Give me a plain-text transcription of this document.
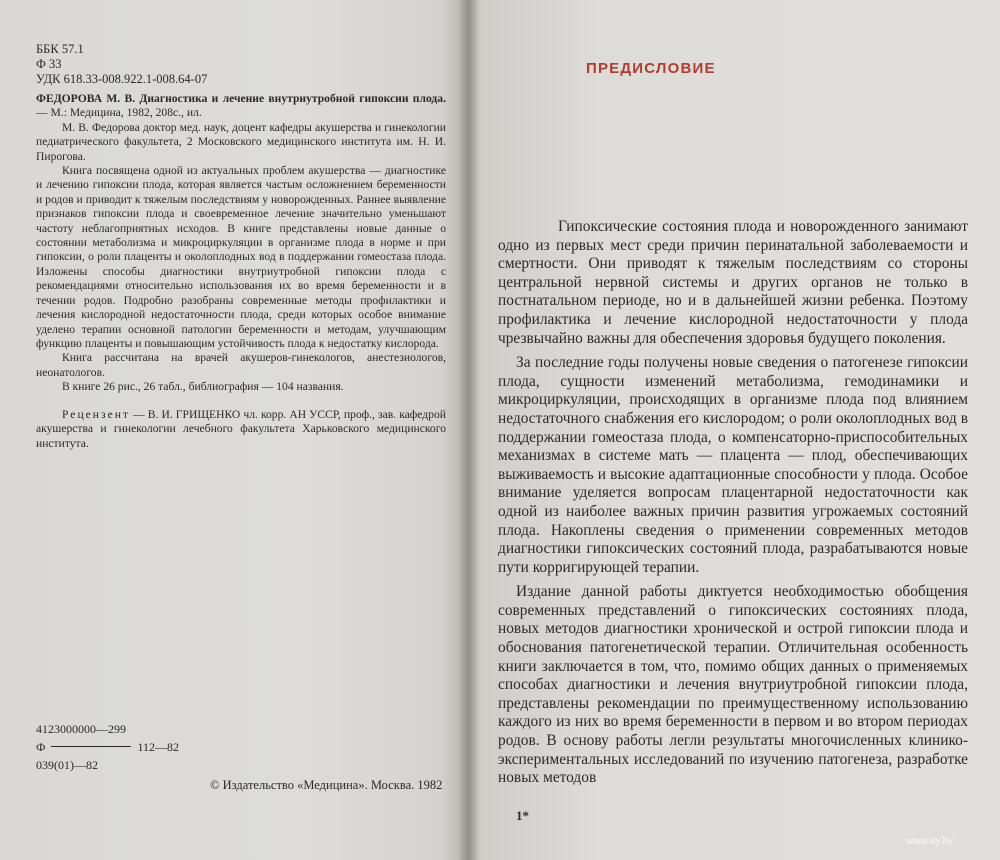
ББК 57.1
Ф 33
УДК 618.33-008.922.1-008.64-07

ФЕДОРОВА М. В. Диагностика и лечение внутриутробной гипоксии плода. — М.: Медицина, 1982, 208с., ил.

М. В. Федорова доктор мед. наук, доцент кафедры акушерства и гинекологии педиатрического факультета, 2 Московского медицинского института им. Н. И. Пирогова.

Книга посвящена одной из актуальных проблем акушерства — диагностике и лечению гипоксии плода, которая является частым осложнением беременности и родов и приводит к тяжелым последствиям у новорожденных. Раннее выявление признаков гипоксии плода и своевременное лечение значительно уменьшают частоту неблагоприятных исходов. В книге представлены новые данные о состоянии метаболизма и микроциркуляции в организме плода в норме и при гипоксии, о роли плаценты и околоплодных вод в поддержании гомеостаза плода. Изложены способы диагностики внутриутробной гипоксии плода с рекомендациями относительно использования их во время беременности и в течении родов. Подробно разобраны современные методы профилактики и лечения кислородной недостаточности плода, среди которых особое внимание уделено терапии основной патологии беременности и методам, улучшающим функцию плаценты и повышающим устойчивость плода к недостатку кислорода.

Книга рассчитана на врачей акушеров-гинекологов, анестезиологов, неонатологов.

В книге 26 рис., 26 табл., библиография — 104 названия.

Рецензент — В. И. ГРИЩЕНКО чл. корр. АН УССР, проф., зав. кафедрой акушерства и гинекологии лечебного факультета Харьковского медицинского института.

4123000000—299
Ф	112—82
039(01)—82
© Издательство «Медицина». Москва. 1982
ПРЕДИСЛОВИЕ

Гипоксические состояния плода и новорожденного занимают одно из первых мест среди причин перинатальной заболеваемости и смертности. Они приводят к тяжелым последствиям со стороны центральной нервной системы и других органов не только в постнатальном периоде, но и в дальнейшей жизни ребенка. Поэтому профилактика и лечение кислородной недостаточности у плода чрезвычайно важны для обеспечения здоровья будущего поколения.

За последние годы получены новые сведения о патогенезе гипоксии плода, сущности изменений метаболизма, гемодинамики и микроциркуляции, происходящих в организме плода под влиянием недостаточного снабжения его кислородом; о роли околоплодных вод в поддержании гомеостаза плода, о компенсаторно-приспособительных механизмах в системе мать — плацента — плод, обеспечивающих выживаемость и высокие адаптационные способности у плода. Особое внимание уделяется вопросам плацентарной недостаточности как одной из наиболее важных причин развития угрожаемых состояний плода. Накоплены сведения о применении современных методов диагностики гипоксических состояний плода, разрабатываются новые пути корригирующей терапии.

Издание данной работы диктуется необходимостью обобщения современных представлений о гипоксических состояниях плода, новых методов диагностики хронической и острой гипоксии плода и обоснования патогенетической терапии. Отличительная особенность книги заключается в том, что, помимо общих данных о применяемых способах диагностики и лечения внутриутробной гипоксии плода, представлены рекомендации по преимущественному использованию каждого из них во время беременности в первом и во втором периодах родов. В основу работы легли результаты многочисленных клинико-экспериментальных исследований по изучению патогенеза, разработке новых методов

1*
www.ay.by
